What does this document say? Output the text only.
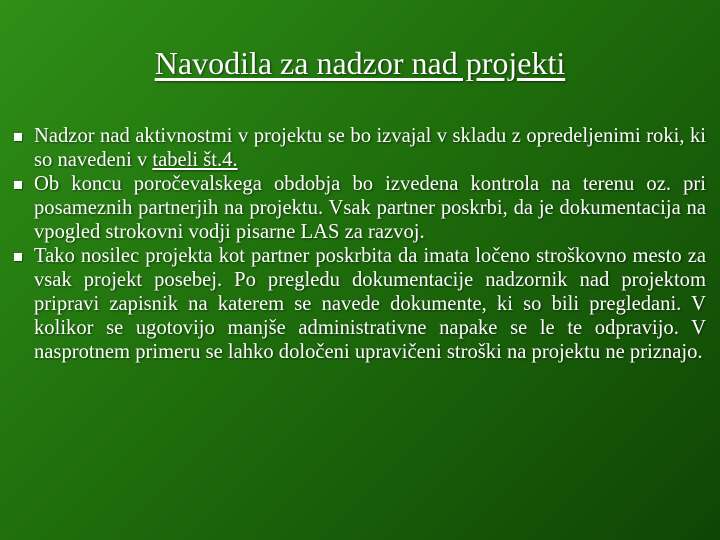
Navodila za nadzor nad projekti
Nadzor nad aktivnostmi v projektu se bo izvajal v skladu z opredeljenimi roki, ki so navedeni v tabeli št.4.
Ob koncu poročevalskega obdobja bo izvedena kontrola na terenu oz. pri posameznih partnerjih na projektu. Vsak partner poskrbi, da je dokumentacija na vpogled strokovni vodji pisarne LAS za razvoj.
Tako nosilec projekta kot partner poskrbita da imata ločeno stroškovno mesto za vsak projekt posebej. Po pregledu dokumentacije nadzornik nad projektom pripravi zapisnik na katerem se navede dokumente, ki so bili pregledani. V kolikor se ugotovijo manjše administrativne napake se le te odpravijo. V nasprotnem primeru se lahko določeni upravičeni stroški na projektu ne priznajo.
